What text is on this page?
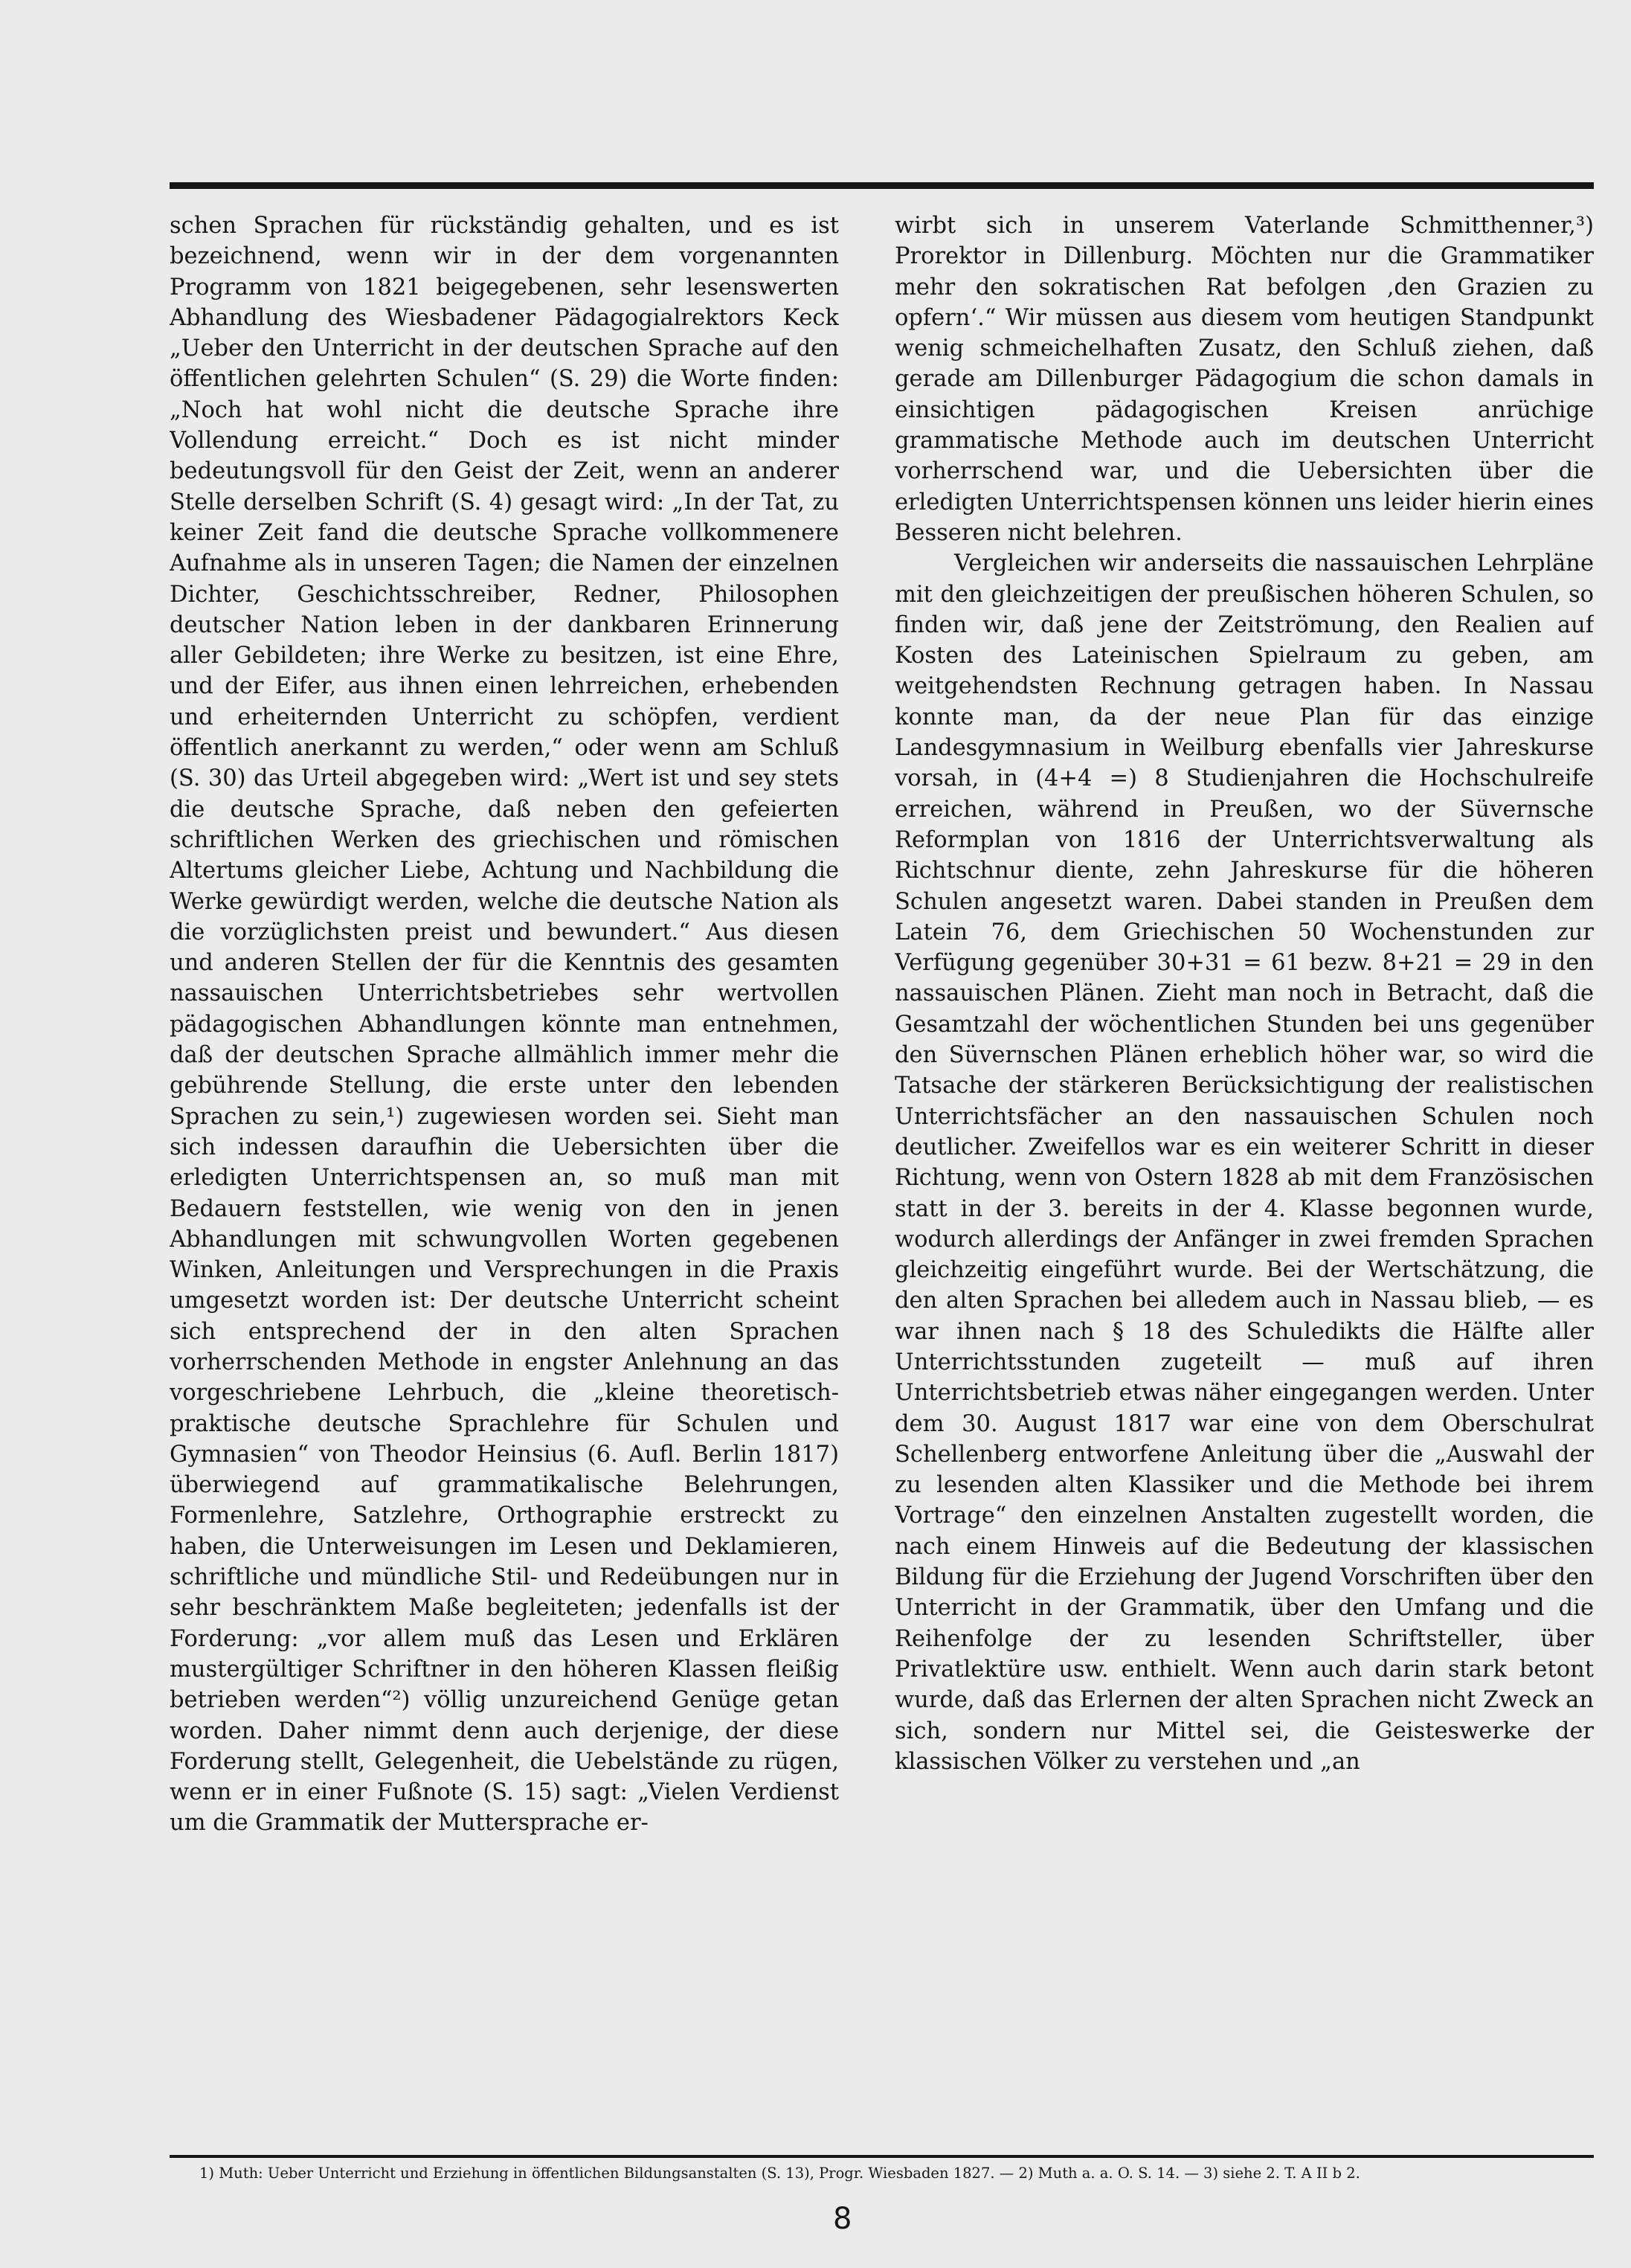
schen Sprachen für rückständig gehalten, und es ist bezeichnend, wenn wir in der dem vorgenannten Programm von 1821 beigegebenen, sehr lesenswerten Abhandlung des Wiesbadener Pädagogialrektors Keck „Ueber den Unterricht in der deutschen Sprache auf den öffentlichen gelehrten Schulen“ (S. 29) die Worte finden: „Noch hat wohl nicht die deutsche Sprache ihre Vollendung erreicht.“ Doch es ist nicht minder bedeutungsvoll für den Geist der Zeit, wenn an anderer Stelle derselben Schrift (S. 4) gesagt wird: „In der Tat, zu keiner Zeit fand die deutsche Sprache vollkommenere Aufnahme als in unseren Tagen; die Namen der einzelnen Dichter, Geschichtsschreiber, Redner, Philosophen deutscher Nation leben in der dankbaren Erinnerung aller Gebildeten; ihre Werke zu besitzen, ist eine Ehre, und der Eifer, aus ihnen einen lehrreichen, erhebenden und erheiternden Unterricht zu schöpfen, verdient öffentlich anerkannt zu werden,“ oder wenn am Schluß (S. 30) das Urteil abgegeben wird: „Wert ist und sey stets die deutsche Sprache, daß neben den gefeierten schriftlichen Werken des griechischen und römischen Altertums gleicher Liebe, Achtung und Nachbildung die Werke gewürdigt werden, welche die deutsche Nation als die vorzüglichsten preist und bewundert.“ Aus diesen und anderen Stellen der für die Kenntnis des gesamten nassauischen Unterrichtsbetriebes sehr wertvollen pädagogischen Abhandlungen könnte man entnehmen, daß der deutschen Sprache allmählich immer mehr die gebührende Stellung, die erste unter den lebenden Sprachen zu sein,¹) zugewiesen worden sei. Sieht man sich indessen daraufhin die Uebersichten über die erledigten Unterrichtspensen an, so muß man mit Bedauern feststellen, wie wenig von den in jenen Abhandlungen mit schwungvollen Worten gegebenen Winken, Anleitungen und Versprechungen in die Praxis umgesetzt worden ist: Der deutsche Unterricht scheint sich entsprechend der in den alten Sprachen vorherrschenden Methode in engster Anlehnung an das vorgeschriebene Lehrbuch, die „kleine theoretisch-praktische deutsche Sprachlehre für Schulen und Gymnasien“ von Theodor Heinsius (6. Aufl. Berlin 1817) überwiegend auf grammatikalische Belehrungen, Formenlehre, Satzlehre, Orthographie erstreckt zu haben, die Unterweisungen im Lesen und Deklamieren, schriftliche und mündliche Stil- und Redeübungen nur in sehr beschränktem Maße begleiteten; jedenfalls ist der Forderung: „vor allem muß das Lesen und Erklären mustergültiger Schriftner in den höheren Klassen fleißig betrieben werden“²) völlig unzureichend Genüge getan worden. Daher nimmt denn auch derjenige, der diese Forderung stellt, Gelegenheit, die Uebelstände zu rügen, wenn er in einer Fußnote (S. 15) sagt: „Vielen Verdienst um die Grammatik der Muttersprache er-

wirbt sich in unserem Vaterlande Schmitthenner,³) Prorektor in Dillenburg. Möchten nur die Grammatiker mehr den sokratischen Rat befolgen ‚den Grazien zu opfern‘.“ Wir müssen aus diesem vom heutigen Standpunkt wenig schmeichelhaften Zusatz, den Schluß ziehen, daß gerade am Dillenburger Pädagogium die schon damals in einsichtigen pädagogischen Kreisen anrüchige grammatische Methode auch im deutschen Unterricht vorherrschend war, und die Uebersichten über die erledigten Unterrichtspensen können uns leider hierin eines Besseren nicht belehren.

Vergleichen wir anderseits die nassauischen Lehrpläne mit den gleichzeitigen der preußischen höheren Schulen, so finden wir, daß jene der Zeitströmung, den Realien auf Kosten des Lateinischen Spielraum zu geben, am weitgehendsten Rechnung getragen haben. In Nassau konnte man, da der neue Plan für das einzige Landesgymnasium in Weilburg ebenfalls vier Jahreskurse vorsah, in (4+4 =) 8 Studienjahren die Hochschulreife erreichen, während in Preußen, wo der Süvernsche Reformplan von 1816 der Unterrichtsverwaltung als Richtschnur diente, zehn Jahreskurse für die höheren Schulen angesetzt waren. Dabei standen in Preußen dem Latein 76, dem Griechischen 50 Wochenstunden zur Verfügung gegenüber 30+31 = 61 bezw. 8+21 = 29 in den nassauischen Plänen. Zieht man noch in Betracht, daß die Gesamtzahl der wöchentlichen Stunden bei uns gegenüber den Süvernschen Plänen erheblich höher war, so wird die Tatsache der stärkeren Berücksichtigung der realistischen Unterrichtsfächer an den nassauischen Schulen noch deutlicher. Zweifellos war es ein weiterer Schritt in dieser Richtung, wenn von Ostern 1828 ab mit dem Französischen statt in der 3. bereits in der 4. Klasse begonnen wurde, wodurch allerdings der Anfänger in zwei fremden Sprachen gleichzeitig eingeführt wurde. Bei der Wertschätzung, die den alten Sprachen bei alledem auch in Nassau blieb, — es war ihnen nach § 18 des Schuledikts die Hälfte aller Unterrichtsstunden zugeteilt — muß auf ihren Unterrichtsbetrieb etwas näher eingegangen werden. Unter dem 30. August 1817 war eine von dem Oberschulrat Schellenberg entworfene Anleitung über die „Auswahl der zu lesenden alten Klassiker und die Methode bei ihrem Vortrage“ den einzelnen Anstalten zugestellt worden, die nach einem Hinweis auf die Bedeutung der klassischen Bildung für die Erziehung der Jugend Vorschriften über den Unterricht in der Grammatik, über den Umfang und die Reihenfolge der zu lesenden Schriftsteller, über Privatlektüre usw. enthielt. Wenn auch darin stark betont wurde, daß das Erlernen der alten Sprachen nicht Zweck an sich, sondern nur Mittel sei, die Geisteswerke der klassischen Völker zu verstehen und „an

1) Muth: Ueber Unterricht und Erziehung in öffentlichen Bildungsanstalten (S. 13), Progr. Wiesbaden 1827. — 2) Muth a. a. O. S. 14. — 3) siehe 2. T. A II b 2.

8
